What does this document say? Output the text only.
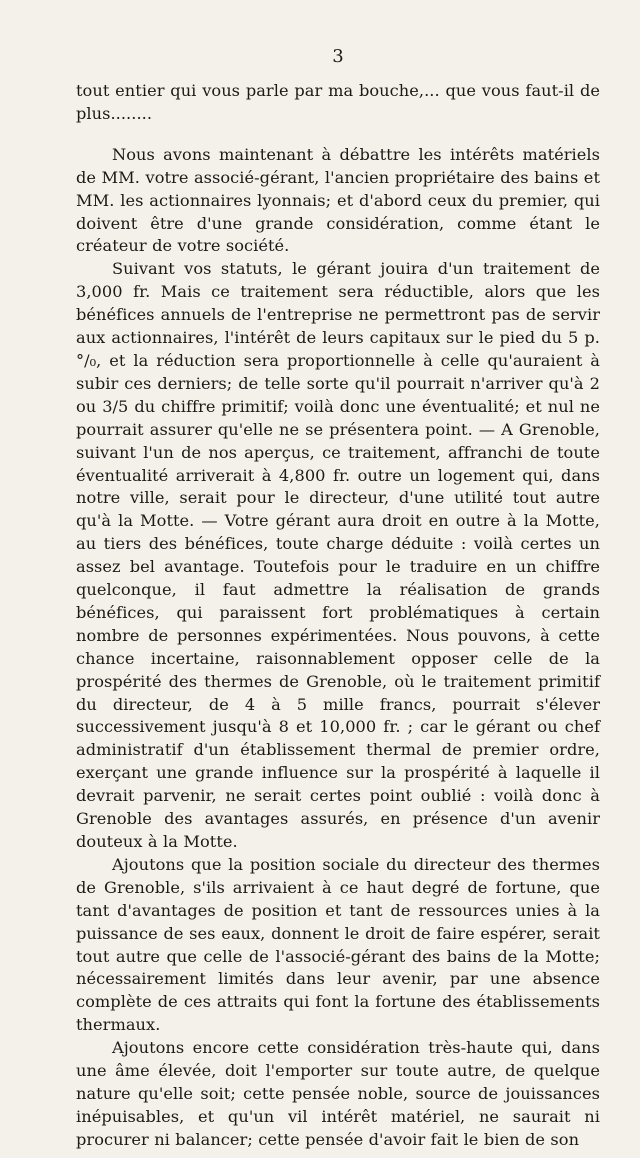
3

tout entier qui vous parle par ma bouche,... que vous faut-il de plus........

Nous avons maintenant à débattre les intérêts matériels de MM. votre associé-gérant, l'ancien propriétaire des bains et MM. les actionnaires lyonnais; et d'abord ceux du premier, qui doivent être d'une grande considération, comme étant le créateur de votre société.

Suivant vos statuts, le gérant jouira d'un traitement de 3,000 fr. Mais ce traitement sera réductible, alors que les bénéfices annuels de l'entreprise ne permettront pas de servir aux actionnaires, l'intérêt de leurs capitaux sur le pied du 5 p. °/₀, et la réduction sera proportionnelle à celle qu'auraient à subir ces derniers; de telle sorte qu'il pourrait n'arriver qu'à 2 ou 3/5 du chiffre primitif; voilà donc une éventualité; et nul ne pourrait assurer qu'elle ne se présentera point. — A Grenoble, suivant l'un de nos aperçus, ce traitement, affranchi de toute éventualité arriverait à 4,800 fr. outre un logement qui, dans notre ville, serait pour le directeur, d'une utilité tout autre qu'à la Motte. — Votre gérant aura droit en outre à la Motte, au tiers des bénéfices, toute charge déduite : voilà certes un assez bel avantage. Toutefois pour le traduire en un chiffre quelconque, il faut admettre la réalisation de grands bénéfices, qui paraissent fort problématiques à certain nombre de personnes expérimentées. Nous pouvons, à cette chance incertaine, raisonnablement opposer celle de la prospérité des thermes de Grenoble, où le traitement primitif du directeur, de 4 à 5 mille francs, pourrait s'élever successivement jusqu'à 8 et 10,000 fr. ; car le gérant ou chef administratif d'un établissement thermal de premier ordre, exerçant une grande influence sur la prospérité à laquelle il devrait parvenir, ne serait certes point oublié : voilà donc à Grenoble des avantages assurés, en présence d'un avenir douteux à la Motte.

Ajoutons que la position sociale du directeur des thermes de Grenoble, s'ils arrivaient à ce haut degré de fortune, que tant d'avantages de position et tant de ressources unies à la puissance de ses eaux, donnent le droit de faire espérer, serait tout autre que celle de l'associé-gérant des bains de la Motte; nécessairement limités dans leur avenir, par une absence complète de ces attraits qui font la fortune des établissements thermaux.

Ajoutons encore cette considération très-haute qui, dans une âme élevée, doit l'emporter sur toute autre, de quelque nature qu'elle soit; cette pensée noble, source de jouissances inépuisables, et qu'un vil intérêt matériel, ne saurait ni procurer ni balancer; cette pensée d'avoir fait le bien de son
